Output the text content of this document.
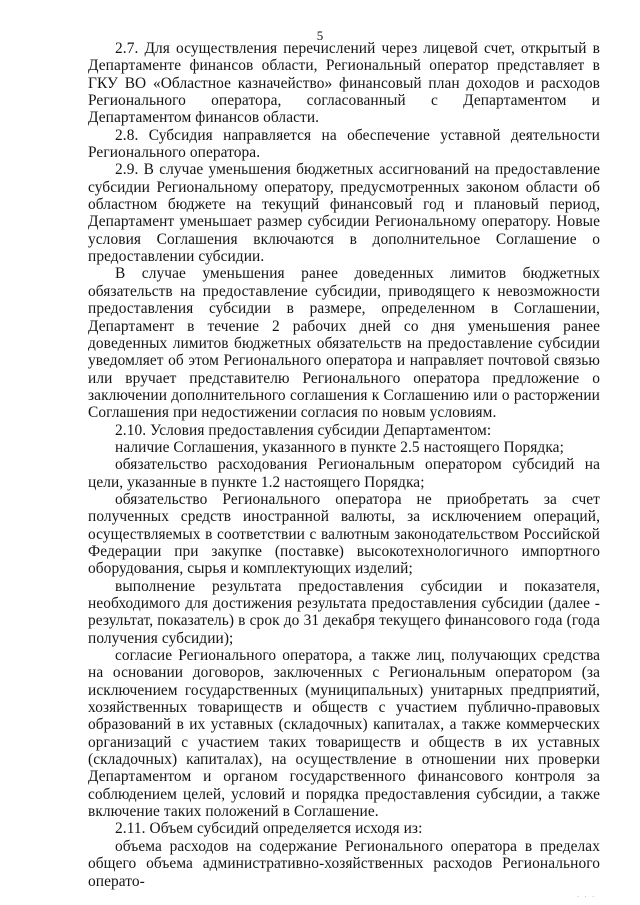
5

2.7. Для осуществления перечислений через лицевой счет, открытый в Департаменте финансов области, Региональный оператор представляет в ГКУ ВО «Областное казначейство» финансовый план доходов и расходов Регионального оператора, согласованный с Департаментом и Департаментом финансов области.

2.8. Субсидия направляется на обеспечение уставной деятельности Регионального оператора.

2.9. В случае уменьшения бюджетных ассигнований на предоставление субсидии Региональному оператору, предусмотренных законом области об областном бюджете на текущий финансовый год и плановый период, Департамент уменьшает размер субсидии Региональному оператору. Новые условия Соглашения включаются в дополнительное Соглашение о предоставлении субсидии.

В случае уменьшения ранее доведенных лимитов бюджетных обязательств на предоставление субсидии, приводящего к невозможности предоставления субсидии в размере, определенном в Соглашении, Департамент в течение 2 рабочих дней со дня уменьшения ранее доведенных лимитов бюджетных обязательств на предоставление субсидии уведомляет об этом Регионального оператора и направляет почтовой связью или вручает представителю Регионального оператора предложение о заключении дополнительного соглашения к Соглашению или о расторжении Соглашения при недостижении согласия по новым условиям.

2.10. Условия предоставления субсидии Департаментом:

наличие Соглашения, указанного в пункте 2.5 настоящего Порядка;

обязательство расходования Региональным оператором субсидий на цели, указанные в пункте 1.2 настоящего Порядка;

обязательство Регионального оператора не приобретать за счет полученных средств иностранной валюты, за исключением операций, осуществляемых в соответствии с валютным законодательством Российской Федерации при закупке (поставке) высокотехнологичного импортного оборудования, сырья и комплектующих изделий;

выполнение результата предоставления субсидии и показателя, необходимого для достижения результата предоставления субсидии (далее - результат, показатель) в срок до 31 декабря текущего финансового года (года получения субсидии);

согласие Регионального оператора, а также лиц, получающих средства на основании договоров, заключенных с Региональным оператором (за исключением государственных (муниципальных) унитарных предприятий, хозяйственных товариществ и обществ с участием публично-правовых образований в их уставных (складочных) капиталах, а также коммерческих организаций с участием таких товариществ и обществ в их уставных (складочных) капиталах), на осуществление в отношении них проверки Департаментом и органом государственного финансового контроля за соблюдением целей, условий и порядка предоставления субсидии, а также включение таких положений в Соглашение.

2.11. Объем субсидий определяется исходя из:

объема расходов на содержание Регионального оператора в пределах общего объема административно-хозяйственных расходов Регионального операто-

. . .
